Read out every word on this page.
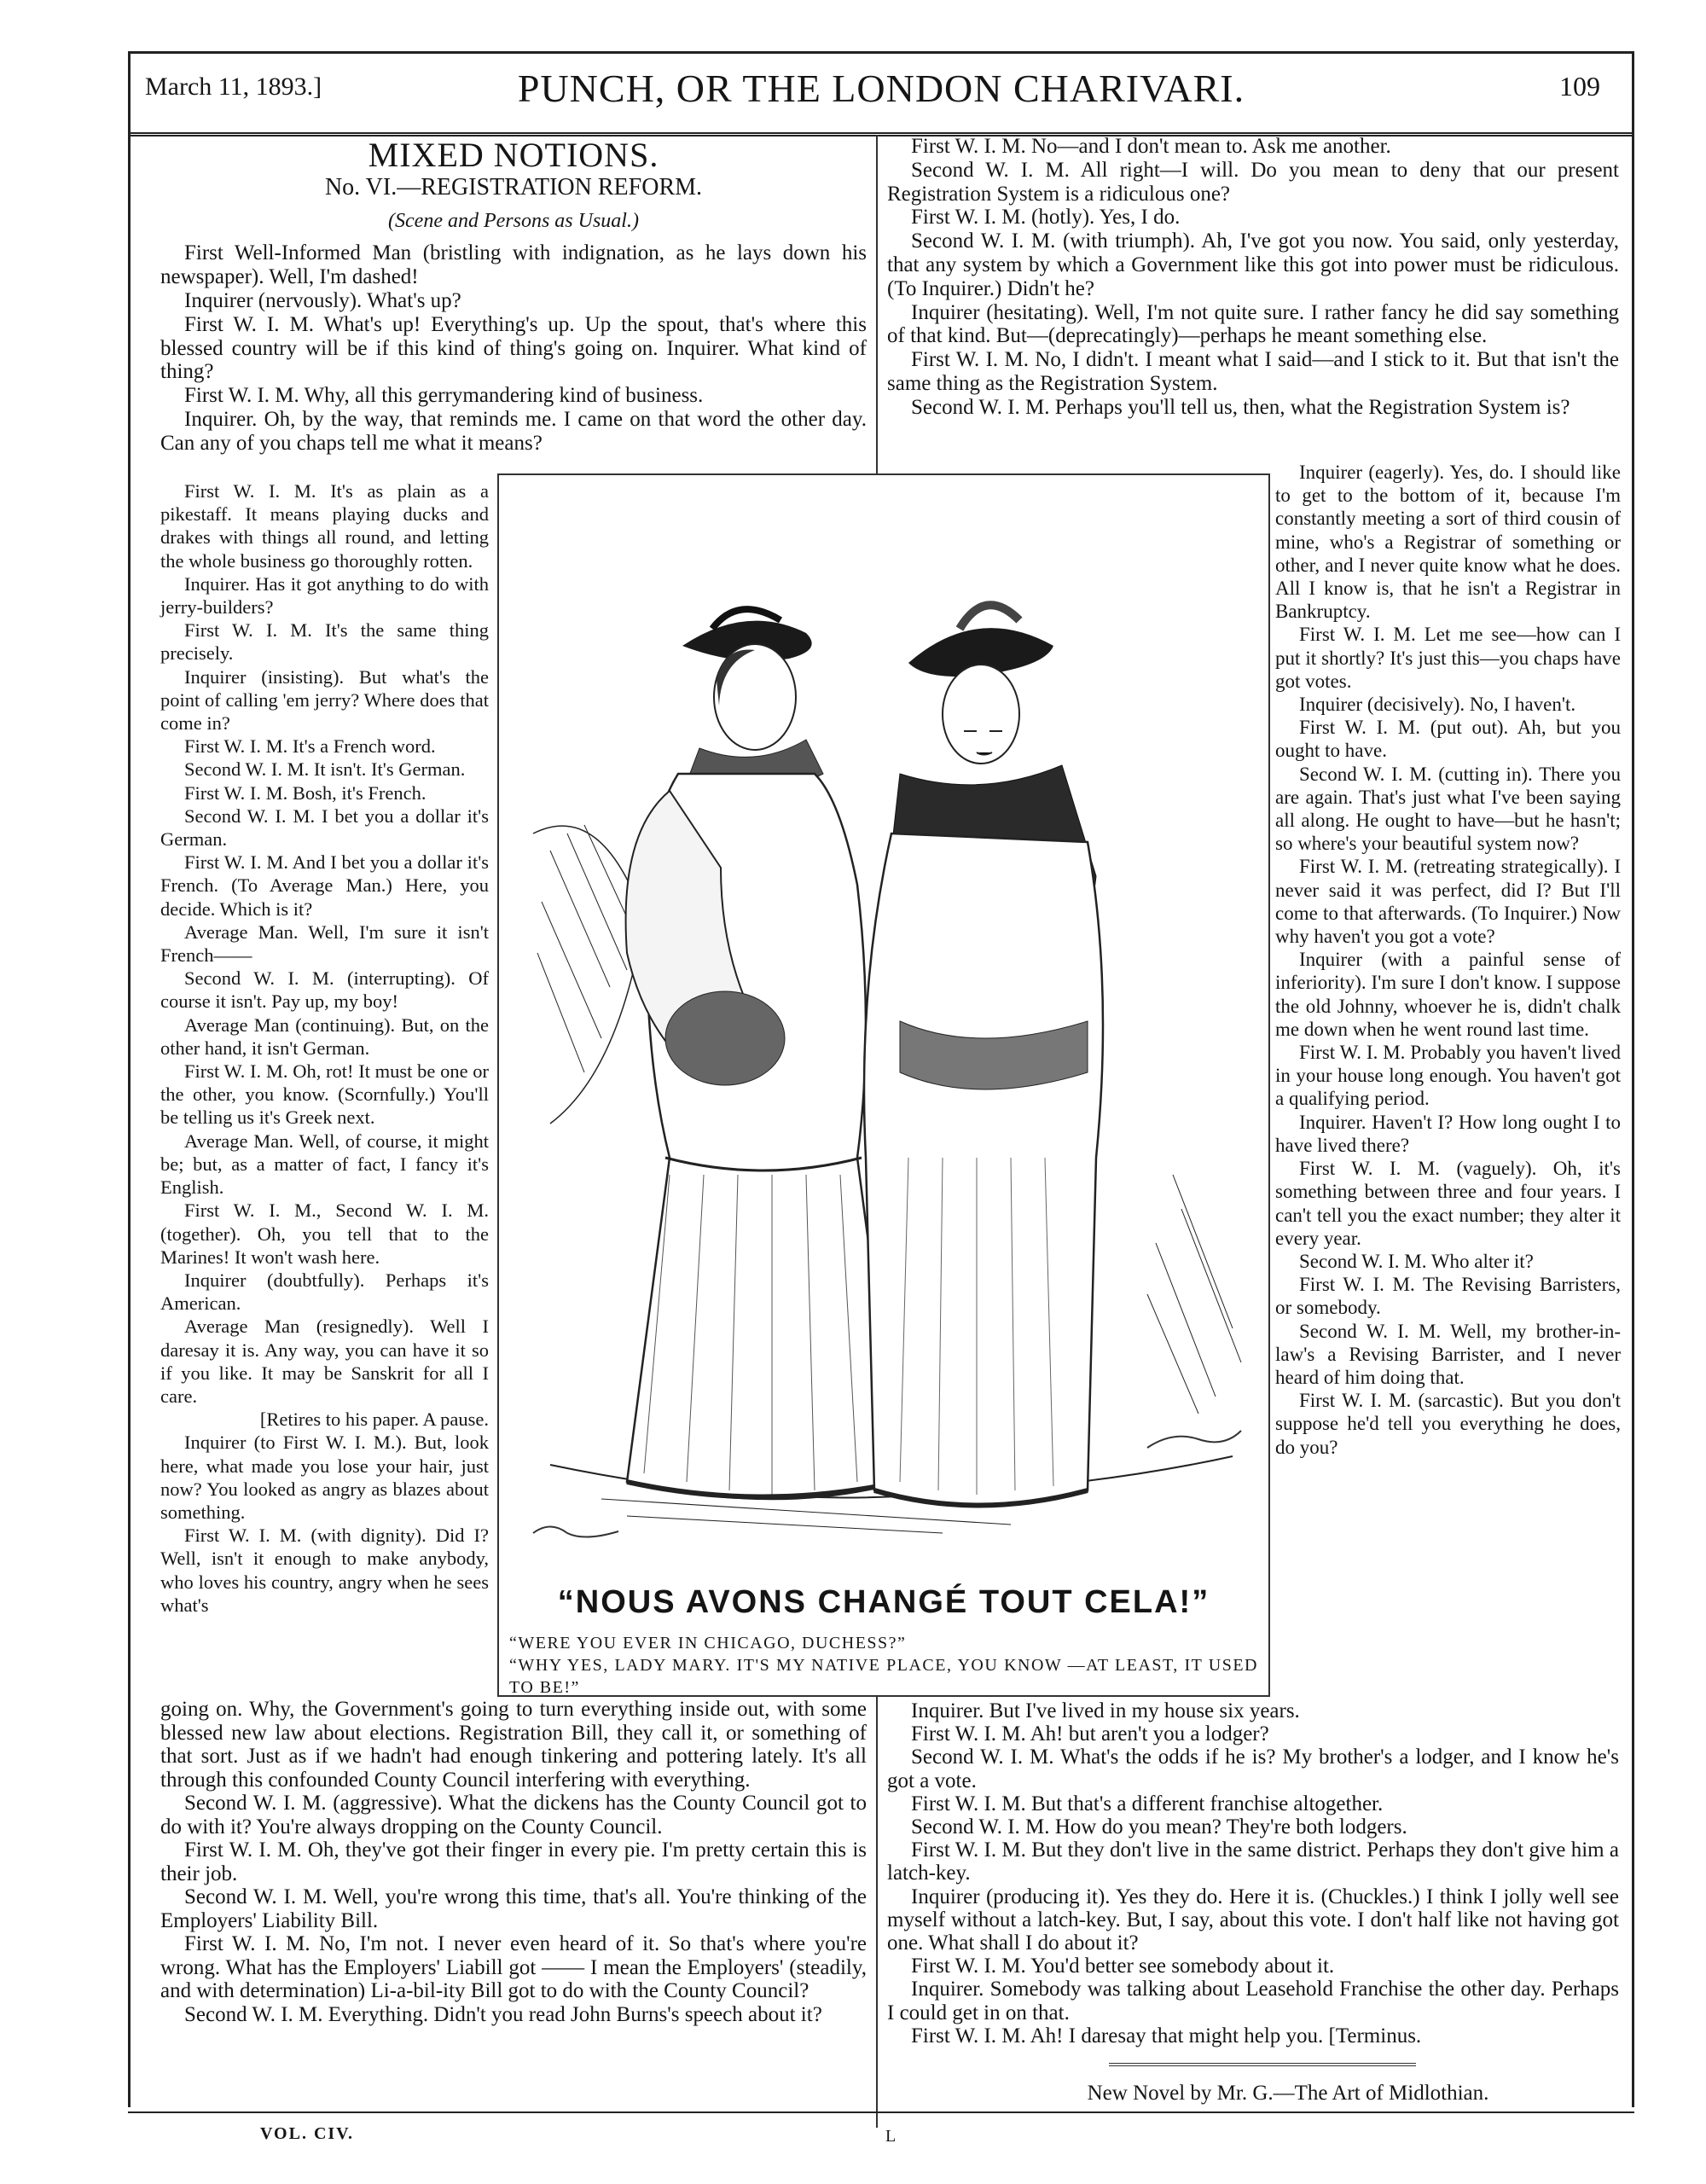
March 11, 1893.]	PUNCH, OR THE LONDON CHARIVARI.	109
MIXED NOTIONS.
No. VI.—REGISTRATION REFORM.
(Scene and Persons as Usual.)

First Well-Informed Man (bristling with indignation, as he lays down his newspaper). Well, I'm dashed!

Inquirer (nervously). What's up?

First W. I. M. What's up! Everything's up. Up the spout, that's where this blessed country will be if this kind of thing's going on. Inquirer. What kind of thing?

First W. I. M. Why, all this gerrymandering kind of business.

Inquirer. Oh, by the way, that reminds me. I came on that word the other day. Can any of you chaps tell me what it means?

First W. I. M. It's as plain as a pikestaff. It means playing ducks and drakes with things all round, and letting the whole business go thoroughly rotten.

Inquirer. Has it got anything to do with jerry-builders?

First W. I. M. It's the same thing precisely.

Inquirer (insisting). But what's the point of calling 'em jerry? Where does that come in?

First W. I. M. It's a French word.

Second W. I. M. It isn't. It's German.

First W. I. M. Bosh, it's French.

Second W. I. M. I bet you a dollar it's German.

First W. I. M. And I bet you a dollar it's French. (To Average Man.) Here, you decide. Which is it?

Average Man. Well, I'm sure it isn't French——

Second W. I. M. (interrupting). Of course it isn't. Pay up, my boy!

Average Man (continuing). But, on the other hand, it isn't German.

First W. I. M. Oh, rot! It must be one or the other, you know. (Scornfully.) You'll be telling us it's Greek next.

Average Man. Well, of course, it might be; but, as a matter of fact, I fancy it's English.

First W. I. M., Second W. I. M. (together). Oh, you tell that to the Marines! It won't wash here.

Inquirer (doubtfully). Perhaps it's American.

Average Man (resignedly). Well I daresay it is. Any way, you can have it so if you like. It may be Sanskrit for all I care.

[Retires to his paper. A pause.

Inquirer (to First W. I. M.). But, look here, what made you lose your hair, just now? You looked as angry as blazes about something.

First W. I. M. (with dignity). Did I? Well, isn't it enough to make anybody, who loves his country, angry when he sees what's

going on. Why, the Government's going to turn everything inside out, with some blessed new law about elections. Registration Bill, they call it, or something of that sort. Just as if we hadn't had enough tinkering and pottering lately. It's all through this confounded County Council interfering with everything.

Second W. I. M. (aggressive). What the dickens has the County Council got to do with it? You're always dropping on the County Council.

First W. I. M. Oh, they've got their finger in every pie. I'm pretty certain this is their job.

Second W. I. M. Well, you're wrong this time, that's all. You're thinking of the Employers' Liability Bill.

First W. I. M. No, I'm not. I never even heard of it. So that's where you're wrong. What has the Employers' Liabill got —— I mean the Employers' (steadily, and with determination) Li-a-bil-ity Bill got to do with the County Council?

Second W. I. M. Everything. Didn't you read John Burns's speech about it?

First W. I. M. No—and I don't mean to. Ask me another.

Second W. I. M. All right—I will. Do you mean to deny that our present Registration System is a ridiculous one?

First W. I. M. (hotly). Yes, I do.

Second W. I. M. (with triumph). Ah, I've got you now. You said, only yesterday, that any system by which a Government like this got into power must be ridiculous. (To Inquirer.) Didn't he?

Inquirer (hesitating). Well, I'm not quite sure. I rather fancy he did say something of that kind. But—(deprecatingly)—perhaps he meant something else.

First W. I. M. No, I didn't. I meant what I said—and I stick to it. But that isn't the same thing as the Registration System.

Second W. I. M. Perhaps you'll tell us, then, what the Registration System is?

Inquirer (eagerly). Yes, do. I should like to get to the bottom of it, because I'm constantly meeting a sort of third cousin of mine, who's a Registrar of something or other, and I never quite know what he does. All I know is, that he isn't a Registrar in Bankruptcy.

First W. I. M. Let me see—how can I put it shortly? It's just this—you chaps have got votes.

Inquirer (decisively). No, I haven't.

First W. I. M. (put out). Ah, but you ought to have.

Second W. I. M. (cutting in). There you are again. That's just what I've been saying all along. He ought to have—but he hasn't; so where's your beautiful system now?

First W. I. M. (retreating strategically). I never said it was perfect, did I? But I'll come to that afterwards. (To Inquirer.) Now why haven't you got a vote?

Inquirer (with a painful sense of inferiority). I'm sure I don't know. I suppose the old Johnny, whoever he is, didn't chalk me down when he went round last time.

First W. I. M. Probably you haven't lived in your house long enough. You haven't got a qualifying period.

Inquirer. Haven't I? How long ought I to have lived there?

First W. I. M. (vaguely). Oh, it's something between three and four years. I can't tell you the exact number; they alter it every year.

Second W. I. M. Who alter it?

First W. I. M. The Revising Barristers, or somebody.

Second W. I. M. Well, my brother-in-law's a Revising Barrister, and I never heard of him doing that.

First W. I. M. (sarcastic). But you don't suppose he'd tell you everything he does, do you?

Inquirer. But I've lived in my house six years.

First W. I. M. Ah! but aren't you a lodger?

Second W. I. M. What's the odds if he is? My brother's a lodger, and I know he's got a vote.

First W. I. M. But that's a different franchise altogether.

Second W. I. M. How do you mean? They're both lodgers.

First W. I. M. But they don't live in the same district. Perhaps they don't give him a latch-key.

Inquirer (producing it). Yes they do. Here it is. (Chuckles.) I think I jolly well see myself without a latch-key. But, I say, about this vote. I don't half like not having got one. What shall I do about it?

First W. I. M. You'd better see somebody about it.

Inquirer. Somebody was talking about Leasehold Franchise the other day. Perhaps I could get in on that.

First W. I. M. Ah! I daresay that might help you. [Terminus.

“NOUS AVONS CHANGÉ TOUT CELA!”
“WERE YOU EVER IN CHICAGO, DUCHESS?”
“WHY YES, LADY MARY. IT'S MY NATIVE PLACE, YOU KNOW —AT LEAST, IT USED TO BE!”
New Novel by Mr. G.—The Art of Midlothian.
VOL. CIV.	L
